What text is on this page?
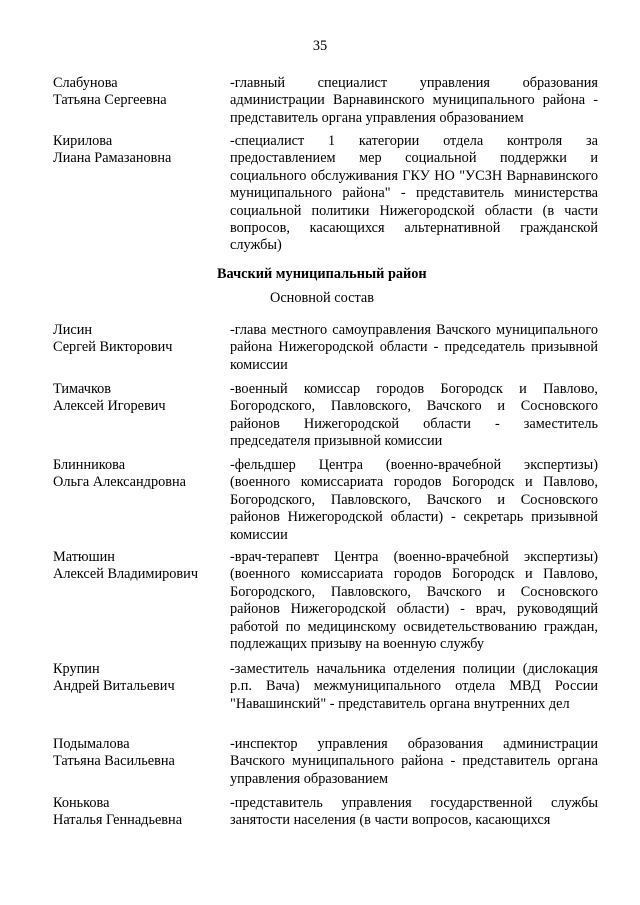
35
Слабунова
Татьяна Сергеевна
-главный специалист управления образования администрации Варнавинского муниципального района - представитель органа управления образованием
Кирилова
Лиана Рамазановна
-специалист 1 категории отдела контроля за предоставлением мер социальной поддержки и социального обслуживания ГКУ НО "УСЗН Варнавинского муниципального района" - представитель министерства социальной политики Нижегородской области (в части вопросов, касающихся альтернативной гражданской службы)
Вачский муниципальный район
Основной состав
Лисин
Сергей Викторович
-глава местного самоуправления Вачского муниципального района Нижегородской области - председатель призывной комиссии
Тимачков
Алексей Игоревич
-военный комиссар городов Богородск и Павлово, Богородского, Павловского, Вачского и Сосновского районов Нижегородской области - заместитель председателя призывной комиссии
Блинникова
Ольга Александровна
-фельдшер Центра (военно-врачебной экспертизы) (военного комиссариата городов Богородск и Павлово, Богородского, Павловского, Вачского и Сосновского районов Нижегородской области) - секретарь призывной комиссии
Матюшин
Алексей Владимирович
-врач-терапевт Центра (военно-врачебной экспертизы) (военного комиссариата городов Богородск и Павлово, Богородского, Павловского, Вачского и Сосновского районов Нижегородской области) - врач, руководящий работой по медицинскому освидетельствованию граждан, подлежащих призыву на военную службу
Крупин
Андрей Витальевич
-заместитель начальника отделения полиции (дислокация р.п. Вача) межмуниципального отдела МВД России "Навашинский" - представитель органа внутренних дел
Подымалова
Татьяна Васильевна
-инспектор управления образования администрации Вачского муниципального района - представитель органа управления образованием
Конькова
Наталья Геннадьевна
-представитель управления государственной службы занятости населения (в части вопросов, касающихся
